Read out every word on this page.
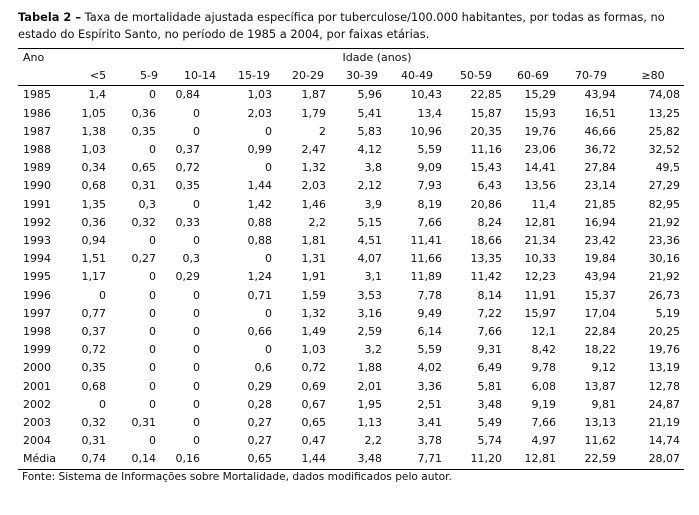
Tabela 2 – Taxa de mortalidade ajustada específica por tuberculose/100.000 habitantes, por todas as formas, no estado do Espírito Santo, no período de 1985 a 2004, por faixas etárias.
Ano	Idade (anos)										
	<5	5-9	10-14	15-19	20-29	30-39	40-49	50-59	60-69	70-79	≥80
1985	1,4	0	0,84	1,03	1,87	5,96	10,43	22,85	15,29	43,94	74,08
1986	1,05	0,36	0	2,03	1,79	5,41	13,4	15,87	15,93	16,51	13,25
1987	1,38	0,35	0	0	2	5,83	10,96	20,35	19,76	46,66	25,82
1988	1,03	0	0,37	0,99	2,47	4,12	5,59	11,16	23,06	36,72	32,52
1989	0,34	0,65	0,72	0	1,32	3,8	9,09	15,43	14,41	27,84	49,5
1990	0,68	0,31	0,35	1,44	2,03	2,12	7,93	6,43	13,56	23,14	27,29
1991	1,35	0,3	0	1,42	1,46	3,9	8,19	20,86	11,4	21,85	82,95
1992	0,36	0,32	0,33	0,88	2,2	5,15	7,66	8,24	12,81	16,94	21,92
1993	0,94	0	0	0,88	1,81	4,51	11,41	18,66	21,34	23,42	23,36
1994	1,51	0,27	0,3	0	1,31	4,07	11,66	13,35	10,33	19,84	30,16
1995	1,17	0	0,29	1,24	1,91	3,1	11,89	11,42	12,23	43,94	21,92
1996	0	0	0	0,71	1,59	3,53	7,78	8,14	11,91	15,37	26,73
1997	0,77	0	0	0	1,32	3,16	9,49	7,22	15,97	17,04	5,19
1998	0,37	0	0	0,66	1,49	2,59	6,14	7,66	12,1	22,84	20,25
1999	0,72	0	0	0	1,03	3,2	5,59	9,31	8,42	18,22	19,76
2000	0,35	0	0	0,6	0,72	1,88	4,02	6,49	9,78	9,12	13,19
2001	0,68	0	0	0,29	0,69	2,01	3,36	5,81	6,08	13,87	12,78
2002	0	0	0	0,28	0,67	1,95	2,51	3,48	9,19	9,81	24,87
2003	0,32	0,31	0	0,27	0,65	1,13	3,41	5,49	7,66	13,13	21,19
2004	0,31	0	0	0,27	0,47	2,2	3,78	5,74	4,97	11,62	14,74
Média	0,74	0,14	0,16	0,65	1,44	3,48	7,71	11,20	12,81	22,59	28,07
Fonte: Sistema de Informações sobre Mortalidade, dados modificados pelo autor.
